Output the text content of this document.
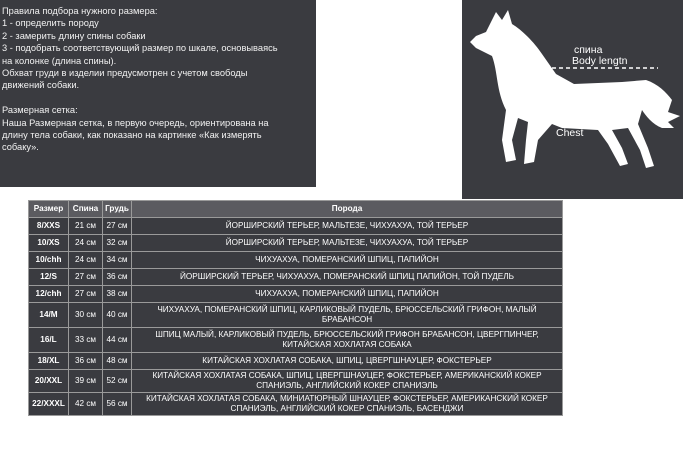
Правила подбора нужного размера:
1 - определить породу
2 - замерить длину спины собаки
3 - подобрать соответствующий размер по шкале, основываясь
на колонке (длина спины).
Обхват груди в изделии предусмотрен с учетом свободы
движений собаки.
Размерная сетка:
Наша Размерная сетка, в первую очередь, ориентирована на
длину тела собаки, как показано на картинке «Как измерять
собаку».
спина
Body lengtn
грудь
Chest
Размер	Спина	Грудь	Порода
8/XXS	21 см	27 см	ЙОРШИРСКИЙ ТЕРЬЕР, МАЛЬТЕЗЕ, ЧИХУАХУА, ТОЙ ТЕРЬЕР
10/XS	24 см	32 см	ЙОРШИРСКИЙ ТЕРЬЕР, МАЛЬТЕЗЕ, ЧИХУАХУА, ТОЙ ТЕРЬЕР
10/chh	24 см	34 см	ЧИХУАХУА, ПОМЕРАНСКИЙ ШПИЦ, ПАПИЙОН
12/S	27 см	36 см	ЙОРШИРСКИЙ ТЕРЬЕР, ЧИХУАХУА, ПОМЕРАНСКИЙ ШПИЦ ПАПИЙОН, ТОЙ ПУДЕЛЬ
12/chh	27 см	38 см	ЧИХУАХУА, ПОМЕРАНСКИЙ ШПИЦ, ПАПИЙОН
14/M	30 см	40 см	ЧИХУАХУА, ПОМЕРАНСКИЙ ШПИЦ, КАРЛИКОВЫЙ ПУДЕЛЬ, БРЮССЕЛЬСКИЙ ГРИФОН, МАЛЫЙ БРАБАНСОН
16/L	33 см	44 см	ШПИЦ МАЛЫЙ, КАРЛИКОВЫЙ ПУДЕЛЬ, БРЮССЕЛЬСКИЙ ГРИФОН БРАБАНСОН, ЦВЕРГПИНЧЕР, КИТАЙСКАЯ ХОХЛАТАЯ СОБАКА
18/XL	36 см	48 см	КИТАЙСКАЯ ХОХЛАТАЯ СОБАКА, ШПИЦ, ЦВЕРГШНАУЦЕР, ФОКСТЕРЬЕР
20/XXL	39 см	52 см	КИТАЙСКАЯ ХОХЛАТАЯ СОБАКА, ШПИЦ, ЦВЕРГШНАУЦЕР, ФОКСТЕРЬЕР, АМЕРИКАНСКИЙ КОКЕР СПАНИЭЛЬ, АНГЛИЙСКИЙ КОКЕР СПАНИЭЛЬ
22/XXXL	42 см	56 см	КИТАЙСКАЯ ХОХЛАТАЯ СОБАКА, МИНИАТЮРНЫЙ ШНАУЦЕР, ФОКСТЕРЬЕР, АМЕРИКАНСКИЙ КОКЕР СПАНИЭЛЬ, АНГЛИЙСКИЙ КОКЕР СПАНИЭЛЬ, БАСЕНДЖИ
